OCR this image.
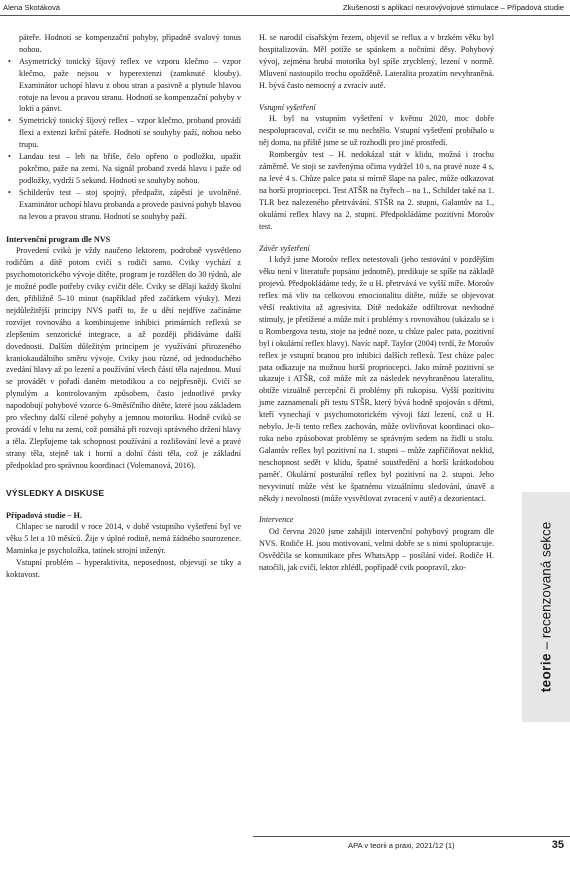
Alena Skotáková	Zkušenosti s aplikací neurovývojové stimulace – Případová studie
páteře. Hodnotí se kompenzační pohyby, připadně svalový tonus nohou.
• Asymetrický tonický šíjový reflex ve vzporu klečmo – vzpor klečmo, paže nejsou v hyperextenzi (zamknuté klouby). Examinátor uchopí hlavu z obou stran a pasivně a plynule hlavou rotuje na levou a pravou stranu. Hodnotí se kompenzační pohyby v loktí a pánvi.
• Symetrický tonický šíjový reflex – vzpor klečmo, proband provádí flexi a extenzi krční páteře. Hodnotí se souhyby paží, nohou nebo trupu.
• Landau test – leh na břiše, čelo opřeno o podložku, upažit pokrčmo, paže na zemi. Na signál proband zvedá hlavu i paže od podložky, vydrží 5 sekund. Hodnotí se souhyby nohou.
• Schilderův test – stoj spojný, předpažit, zápěstí je uvolněné. Examinátor uchopí hlavu probanda a provede pasivní pohyb hlavou na levou a pravou stranu. Hodnotí se souhyby paží.
Intervenční program dle NVS

Provedení cviků je vždy naučeno lektorem, podrobně vysvětleno rodičům a dítě potom cvičí s rodiči samo. Cviky vychází z psychomotorického vývoje dítěte, program je rozdělen do 30 týdnů, ale je možné podle potřeby cviky cvičit déle. Cviky se dělají každý školní den, přibližně 5–10 minut (například před začátkem výuky). Mezi nejdůležitější principy NVS patří to, že u dětí nejdříve začínáme rozvíjet rovnováhu a kombinujeme inhibici primárních reflexů se zlepšením senzorické integrace, a až později přidáváme další dovednosti. Dalším důležitým principem je využívání přirozeného kraniokaudálního směru vývoje. Cviky jsou různé, od jednoduchého zvedání hlavy až po lezení a používání všech částí těla najednou. Musí se provádět v pořadí daném metodikou a co nejpřesněji. Cvičí se plynulým a kontrolovaným způsobem, často jednotlivé prvky napodobují pohybové vzorce 6–9měsíčního dítěte, které jsou základem pro všechny další cílené pohyby a jemnou motoriku. Hodně cviků se provádí v lehu na zemi, což pomáhá při rozvoji správného držení hlavy a těla. Zlepšujeme tak schopnost používání a rozlišování levé a pravé strany těla, stejně tak i horní a dolní části těla, což je základní předpoklad pro správnou koordinaci (Volemanová, 2016).

VÝSLEDKY A DISKUSE
Případová studie – H.

Chlapec se narodil v roce 2014, v době vstupního vyšetření byl ve věku 5 let a 10 měsíců. Žije v úplné rodině, nemá žádného sourozence. Maminka je psycholožka, tatínek strojní inženýr.

Vstupní problém – hyperaktivita, neposednost, objevují se tiky a koktavost.

H. se narodil císařským řezem, objevil se reflux a v brzkém věku byl hospitalizován. Měl potíže se spánkem a nočními děsy. Pohybový vývoj, zejména hrubá motorika byl spíše zrychlený, lezení v normě. Mluvení nastoupilo trochu opožděně. Lateralita prozatím nevyhraněná. H. bývá často nemocný a zvracív autě.

Vstupní vyšetření

H. byl na vstupním vyšetření v květnu 2020, moc dobře nespolupracoval, cvičit se mu nechtělo. Vstupní vyšetření probíhalo u něj doma, na příště jsme se už rozhodli pro jiné prostředí.

Rombergův test – H. nedokázal stát v klidu, možná i trochu záměrně. Ve stoji se zavřenýma očima vydržel 10 s, na pravé noze 4 s, na levé 4 s. Chůze palce pata si mírně šlape na palec, může odkazovat na horší propriocepci. Test ATŠR na čtyřech – na 1., Schilder také na 1. TLR bez nalezeného přetrvávání. STŠR na 2. stupni, Galantův na 1., okulární reflex hlavy na 2. stupni. Předpokládáme pozitivní Moroův test.

Závěr vyšetření

I když jsme Moroův reflex netestovali (jeho testování v pozdějším věku není v literatuře popsáno jednotně), predikuje se spíše na základě projevů. Předpokládáme tedy, že u H. přetrvává ve vyšší míře. Moroův reflex má vliv na celkovou emocionalitu dítěte, může se objevovat větší reaktivita až agresivita. Dítě nedokáže odfiltrovat nevhodné stimuly, je přetížené a může mít i problémy s rovnováhou (ukázalo se i u Rombergova testu, stoje na jedné noze, u chůze palec pata, pozitivní byl i okulární reflex hlavy). Navíc např. Taylor (2004) tvrdí, že Moroův reflex je vstupní branou pro inhibici dalších reflexů. Test chůze palec pata odkazuje na možnou horší propriocepci. Jako mírně pozitivní se ukazuje i ATŠR, což může mít za následek nevyhraněnou lateralitu, obtíže vizuálně percepční či problémy při rukopisu. Vyšší pozitivitu jsme zaznamenali při testu STŠR, který bývá hodně spojován s dětmi, kteří vynechají v psychomotorickém vývoji fázi lezení, což u H. nebylo. Je-li tento reflex zachován, může ovlivňovat koordinaci oko–ruka nebo způsobovat problémy se správným sedem na židli u stolu. Galantův reflex byl pozitivní na 1. stupni – může zapříčiňovat neklid, neschopnost sedět v klidu, špatné soustředění a horší krátkodobou paměť. Okulární posturální reflex byl pozitivní na 2. stupni. Jeho nevyvinutí může vést ke špatnému vizuálnímu sledování, únavě a někdy i nevolnosti (může vysvětlovat zvracení v autě) a dezorientaci.

Intervence

Od června 2020 jsme zahájili intervenční pohybový program dle NVS. Rodiče H. jsou motivovaní, velmi dobře se s nimi spolupracuje. Osvědčila se komunikace přes WhatsApp – posílání videí. Rodiče H. natočili, jak cvičí, lektor zhlédl, popřípadě cvik poopravil, zko-

teorie – recenzovaná sekce
APA v teorii a praxi, 2021/12 (1)	35
